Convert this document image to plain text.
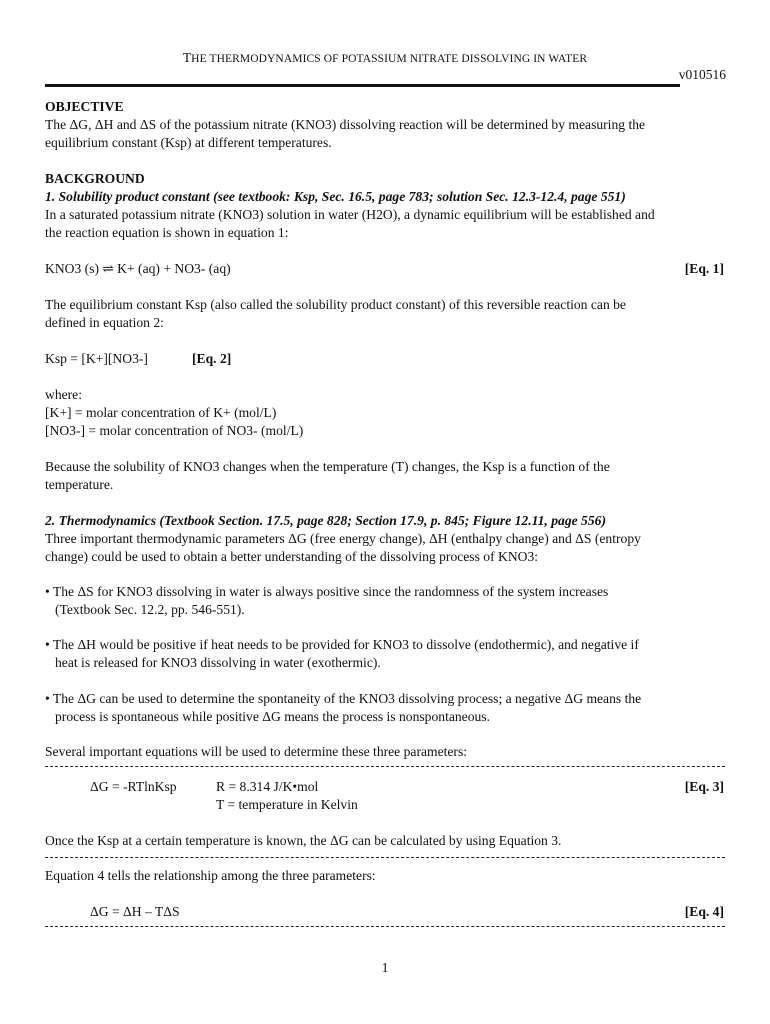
THE THERMODYNAMICS OF POTASSIUM NITRATE DISSOLVING IN WATER
v010516
OBJECTIVE
The ΔG, ΔH and ΔS of the potassium nitrate (KNO3) dissolving reaction will be determined by measuring the
equilibrium constant (Ksp) at different temperatures.
BACKGROUND
1. Solubility product constant (see textbook: Ksp, Sec. 16.5, page 783; solution Sec. 12.3-12.4, page 551)
In a saturated potassium nitrate (KNO3) solution in water (H2O), a dynamic equilibrium will be established and
the reaction equation is shown in equation 1:
KNO3 (s) ⇌ K+ (aq) + NO3- (aq)	[Eq. 1]
The equilibrium constant Ksp (also called the solubility product constant) of this reversible reaction can be
defined in equation 2:
Ksp = [K+][NO3-]	[Eq. 2]
where:
[K+] = molar concentration of K+ (mol/L)
[NO3-] = molar concentration of NO3- (mol/L)
Because the solubility of KNO3 changes when the temperature (T) changes, the Ksp is a function of the
temperature.
2. Thermodynamics (Textbook Section. 17.5, page 828; Section 17.9, p. 845; Figure 12.11, page 556)
Three important thermodynamic parameters ΔG (free energy change), ΔH (enthalpy change) and ΔS (entropy
change) could be used to obtain a better understanding of the dissolving process of KNO3:
• The ΔS for KNO3 dissolving in water is always positive since the randomness of the system increases
(Textbook Sec. 12.2, pp. 546-551).
• The ΔH would be positive if heat needs to be provided for KNO3 to dissolve (endothermic), and negative if
heat is released for KNO3 dissolving in water (exothermic).
• The ΔG can be used to determine the spontaneity of the KNO3 dissolving process; a negative ΔG means the
process is spontaneous while positive ΔG means the process is nonspontaneous.
Several important equations will be used to determine these three parameters:
ΔG = -RTlnKsp	R = 8.314 J/K•mol
T = temperature in Kelvin
[Eq. 3]
Once the Ksp at a certain temperature is known, the ΔG can be calculated by using Equation 3.
Equation 4 tells the relationship among the three parameters:
ΔG = ΔH – TΔS	[Eq. 4]
1
